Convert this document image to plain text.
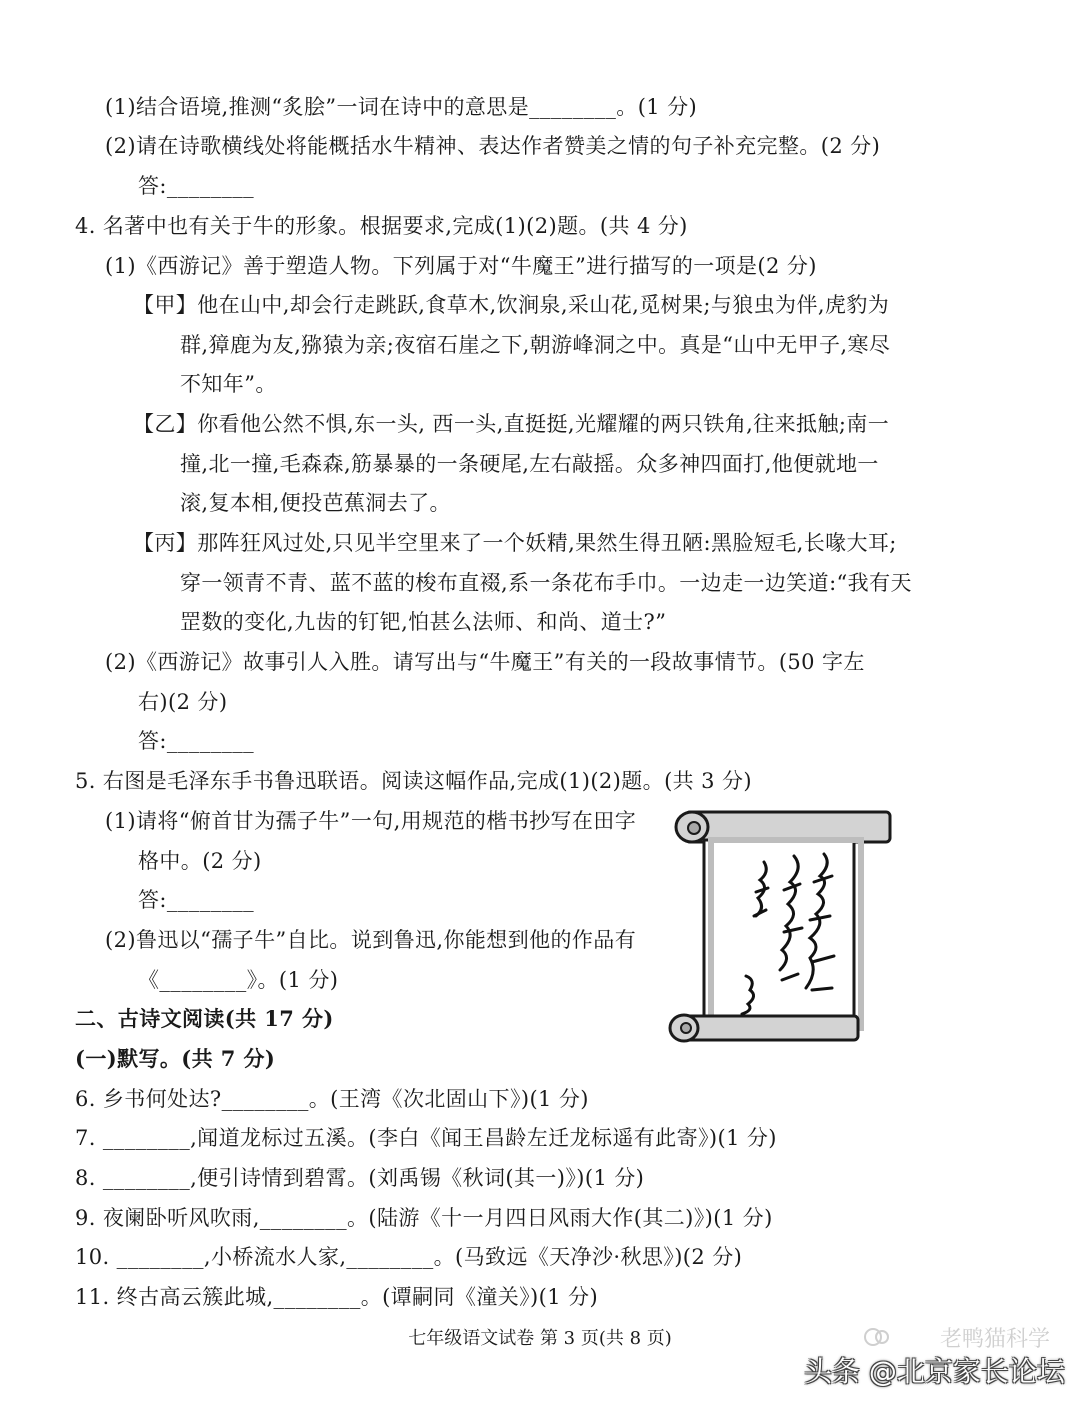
(1)结合语境,推测“炙脍”一词在诗中的意思是________。(1 分)
(2)请在诗歌横线处将能概括水牛精神、表达作者赞美之情的句子补充完整。(2 分)
答:________
4. 名著中也有关于牛的形象。根据要求,完成(1)(2)题。(共 4 分)
(1)《西游记》善于塑造人物。下列属于对“牛魔王”进行描写的一项是(2 分)
【甲】他在山中,却会行走跳跃,食草木,饮涧泉,采山花,觅树果;与狼虫为伴,虎豹为
群,獐鹿为友,猕猿为亲;夜宿石崖之下,朝游峰洞之中。真是“山中无甲子,寒尽
不知年”。
【乙】你看他公然不惧,东一头, 西一头,直挺挺,光耀耀的两只铁角,往来抵触;南一
撞,北一撞,毛森森,筋暴暴的一条硬尾,左右敲摇。众多神四面打,他便就地一
滚,复本相,便投芭蕉洞去了。
【丙】那阵狂风过处,只见半空里来了一个妖精,果然生得丑陋:黑脸短毛,长喙大耳;
穿一领青不青、蓝不蓝的梭布直裰,系一条花布手巾。一边走一边笑道:“我有天
罡数的变化,九齿的钉钯,怕甚么法师、和尚、道士?”
(2)《西游记》故事引人入胜。请写出与“牛魔王”有关的一段故事情节。(50 字左
右)(2 分)
答:________
5. 右图是毛泽东手书鲁迅联语。阅读这幅作品,完成(1)(2)题。(共 3 分)
(1)请将“俯首甘为孺子牛”一句,用规范的楷书抄写在田字
格中。(2 分)
答:________
(2)鲁迅以“孺子牛”自比。说到鲁迅,你能想到他的作品有
《________》。(1 分)
二、古诗文阅读(共 17 分)
(一)默写。(共 7 分)
6. 乡书何处达?________。(王湾《次北固山下》)(1 分)
7. ________,闻道龙标过五溪。(李白《闻王昌龄左迁龙标遥有此寄》)(1 分)
8. ________,便引诗情到碧霄。(刘禹锡《秋词(其一)》)(1 分)
9. 夜阑卧听风吹雨,________。(陆游《十一月四日风雨大作(其二)》)(1 分)
10. ________,小桥流水人家,________。(马致远《天净沙·秋思》)(2 分)
11. 终古高云簇此城,________。(谭嗣同《潼关》)(1 分)
七年级语文试卷 第 3 页(共 8 页)	老鸭猫科学
头条 @北京家长论坛
